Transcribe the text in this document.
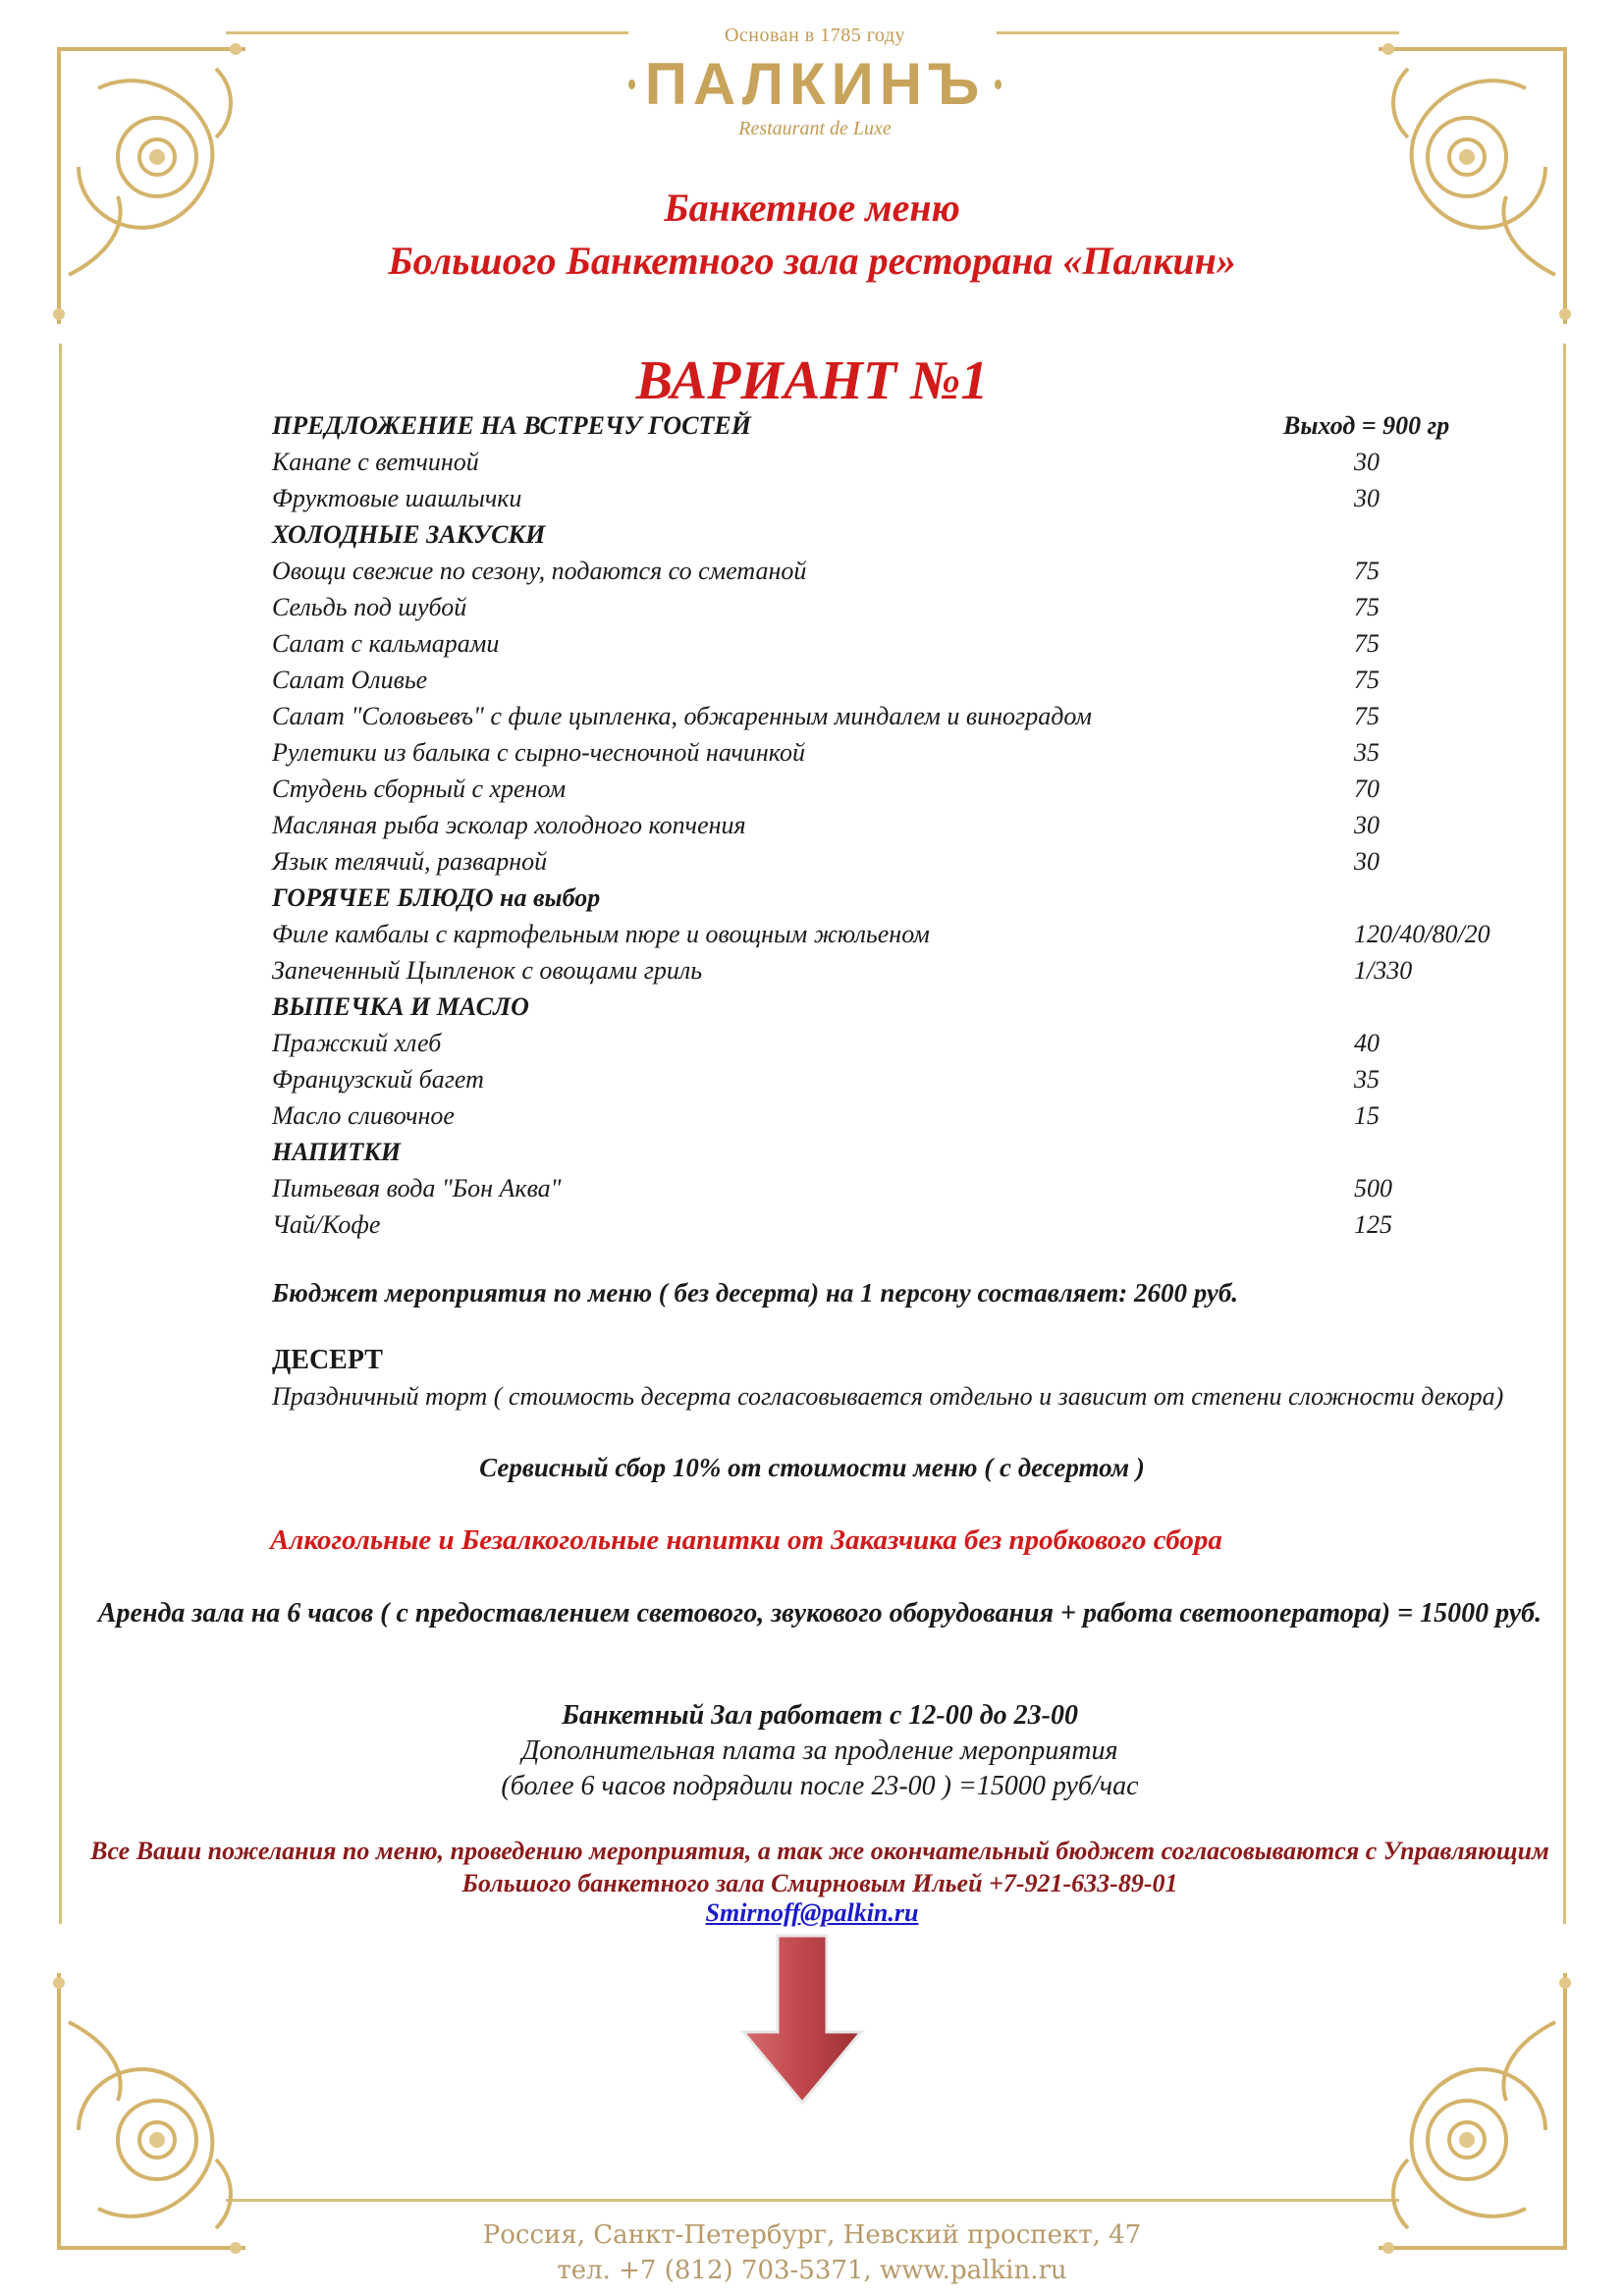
Основан в 1785 году
ПАЛКИНЪ
Restaurant de Luxe
Банкетное меню
Большого Банкетного зала ресторана «Палкин»
ВАРИАНТ №1
ПРЕДЛОЖЕНИЕ НА ВСТРЕЧУ ГОСТЕЙ	Выход = 900 гр
Канапе с ветчиной	30
Фруктовые шашлычки	30
ХОЛОДНЫЕ ЗАКУСКИ
Овощи свежие по сезону, подаются со сметаной	75
Сельдь под шубой	75
Салат с кальмарами	75
Салат Оливье	75
Салат "Соловьевъ" с филе цыпленка, обжаренным миндалем и виноградом	75
Рулетики из балыка с сырно-чесночной начинкой	35
Студень сборный с хреном	70
Масляная рыба эсколар холодного копчения	30
Язык телячий, разварной	30
ГОРЯЧЕЕ БЛЮДО на выбор
Филе камбалы с картофельным пюре и овощным жюльеном	120/40/80/20
Запеченный Цыпленок с овощами гриль	1/330
ВЫПЕЧКА И МАСЛО
Пражский хлеб	40
Французский багет	35
Масло сливочное	15
НАПИТКИ
Питьевая вода "Бон Аква"	500
Чай/Кофе	125
Бюджет мероприятия по меню ( без десерта) на 1 персону составляет: 2600 руб.
ДЕСЕРТ
Праздничный торт ( стоимость десерта согласовывается отдельно и зависит от степени сложности декора)
Сервисный сбор 10% от стоимости меню ( с десертом )
Алкогольные и Безалкогольные напитки от Заказчика без пробкового сбора
Аренда зала на 6 часов ( с предоставлением светового, звукового оборудования + работа светооператора) = 15000 руб.
Банкетный Зал работает с 12-00 до 23-00
Дополнительная плата за продление мероприятия
(более 6 часов подрядили после 23-00 ) =15000 руб/час
Все Ваши пожелания по меню, проведению мероприятия, а так же окончательный бюджет согласовываются с Управляющим Большого банкетного зала Смирновым Ильей +7-921-633-89-01
Smirnoff@palkin.ru
Россия, Санкт-Петербург, Невский проспект, 47
тел. +7 (812) 703-5371, www.palkin.ru
